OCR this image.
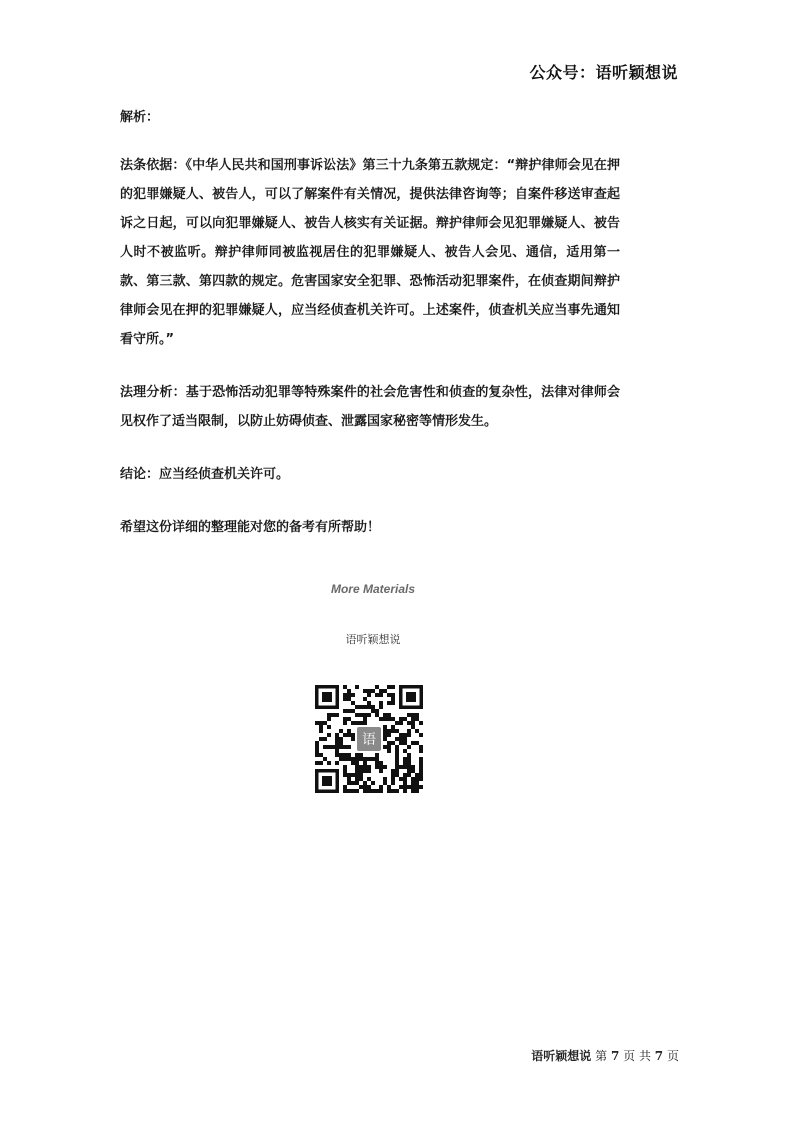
公众号：语听颖想说

解析：

法条依据：《中华人民共和国刑事诉讼法》第三十九条第五款规定：“辩护律师会见在押的犯罪嫌疑人、被告人，可以了解案件有关情况，提供法律咨询等；自案件移送审查起诉之日起，可以向犯罪嫌疑人、被告人核实有关证据。辩护律师会见犯罪嫌疑人、被告人时不被监听。辩护律师同被监视居住的犯罪嫌疑人、被告人会见、通信，适用第一款、第三款、第四款的规定。危害国家安全犯罪、恐怖活动犯罪案件，在侦查期间辩护律师会见在押的犯罪嫌疑人，应当经侦查机关许可。上述案件，侦查机关应当事先通知看守所。”

法理分析：基于恐怖活动犯罪等特殊案件的社会危害性和侦查的复杂性，法律对律师会见权作了适当限制，以防止妨碍侦查、泄露国家秘密等情形发生。

结论：应当经侦查机关许可。

希望这份详细的整理能对您的备考有所帮助！

More Materials
语听颖想说
语
语听颖想说 第 7 页 共 7 页
